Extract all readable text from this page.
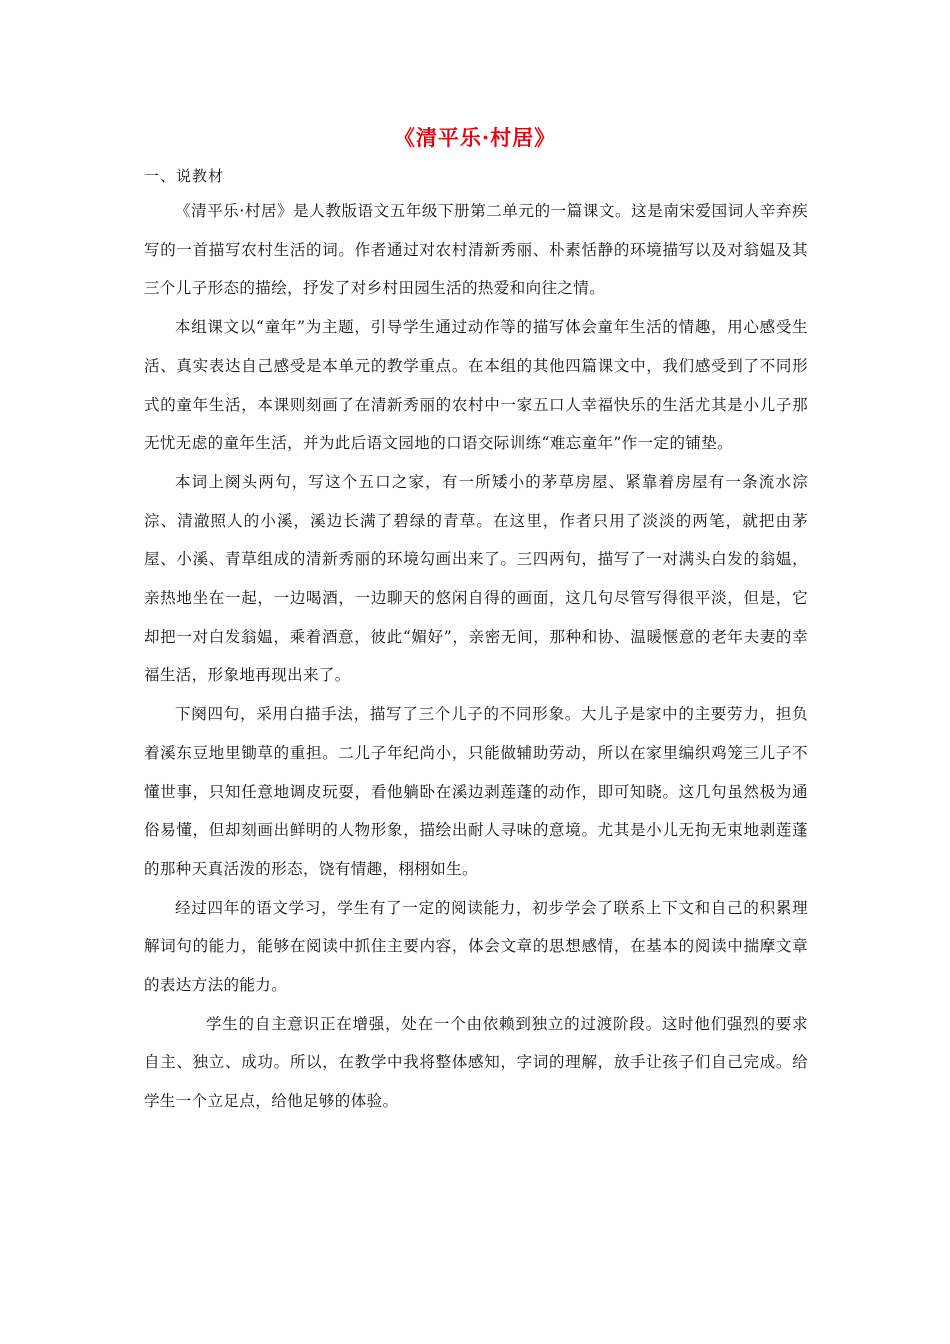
《清平乐·村居》
一、说教材

《清平乐·村居》是人教版语文五年级下册第二单元的一篇课文。这是南宋爱国词人辛弃疾写的一首描写农村生活的词。作者通过对农村清新秀丽、朴素恬静的环境描写以及对翁媪及其三个儿子形态的描绘，抒发了对乡村田园生活的热爱和向往之情。

本组课文以“童年”为主题，引导学生通过动作等的描写体会童年生活的情趣，用心感受生活、真实表达自己感受是本单元的教学重点。在本组的其他四篇课文中，我们感受到了不同形式的童年生活，本课则刻画了在清新秀丽的农村中一家五口人幸福快乐的生活尤其是小儿子那无忧无虑的童年生活，并为此后语文园地的口语交际训练“难忘童年”作一定的铺垫。

本词上阕头两句，写这个五口之家，有一所矮小的茅草房屋、紧靠着房屋有一条流水淙淙、清澈照人的小溪，溪边长满了碧绿的青草。在这里，作者只用了淡淡的两笔，就把由茅屋、小溪、青草组成的清新秀丽的环境勾画出来了。三四两句，描写了一对满头白发的翁媪，亲热地坐在一起，一边喝酒，一边聊天的悠闲自得的画面，这几句尽管写得很平淡，但是，它却把一对白发翁媪，乘着酒意，彼此“媚好”，亲密无间，那种和协、温暖惬意的老年夫妻的幸福生活，形象地再现出来了。

下阕四句，采用白描手法，描写了三个儿子的不同形象。大儿子是家中的主要劳力，担负着溪东豆地里锄草的重担。二儿子年纪尚小，只能做辅助劳动，所以在家里编织鸡笼三儿子不懂世事，只知任意地调皮玩耍，看他躺卧在溪边剥莲蓬的动作，即可知晓。这几句虽然极为通俗易懂，但却刻画出鲜明的人物形象，描绘出耐人寻味的意境。尤其是小儿无拘无束地剥莲蓬的那种天真活泼的形态，饶有情趣，栩栩如生。

经过四年的语文学习，学生有了一定的阅读能力，初步学会了联系上下文和自己的积累理解词句的能力，能够在阅读中抓住主要内容，体会文章的思想感情，在基本的阅读中揣摩文章的表达方法的能力。

学生的自主意识正在增强，处在一个由依赖到独立的过渡阶段。这时他们强烈的要求自主、独立、成功。所以，在教学中我将整体感知，字词的理解，放手让孩子们自己完成。给学生一个立足点，给他足够的体验。
